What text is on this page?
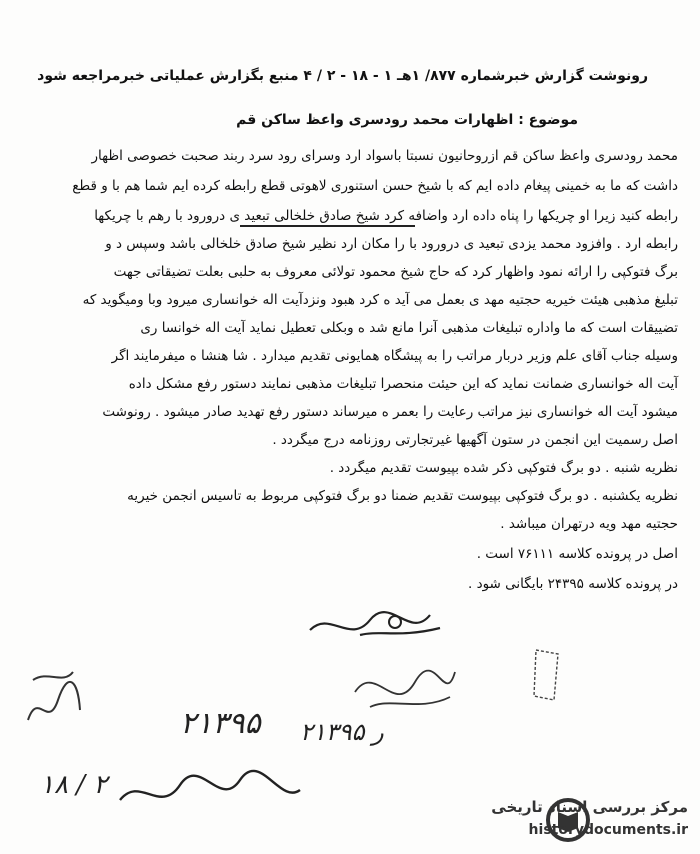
رونوشت گزارش خبرشماره ۸۷۷/ ۱هـ ۱ - ۱۸ - ۲ / ۴ منبع بگزارش عملیاتی خبرمراجعه شود
موضوع : اظهارات محمد رودسری واعظ ساکن قم
محمد رودسری واعظ ساکن قم ازروحانیون نسبتا باسواد ارد وسرای رود سرد ربند صحبت خصوصی اظهار
داشت که ما به خمینی پیغام داده ایم که با شیخ حسن استنوری لاهوتی قطع رابطه کرده ایم شما هم با و قطع
رابطه کنید زیرا او چریکها را پناه داده ارد واضافه کرد شیخ صادق خلخالی تبعید ی درورود با رهم با چریکها
رابطه ارد . وافزود محمد یزدی تبعید ی درورود با را مکان ارد نظیر شیخ صادق خلخالی باشد وسپس د و
برگ فتوکپی را ارائه نمود واظهار کرد که حاج شیخ محمود تولائی معروف به حلبی بعلت تضیقاتی جهت
تبلیغ مذهبی هیئت خیریه حجتیه مهد ی بعمل می آید ه کرد هبود ونزدآیت اله خوانساری میرود وبا ومیگوید که
تضییقات است که ما واداره تبلیغات مذهبی آنرا مانع شد ه وبکلی تعطیل نماید آیت اله خوانسا ری
وسیله جناب آقای علم وزیر دربار مراتب را به پیشگاه همایونی تقدیم میدارد . شا هنشا ه میفرمایند اگر
آیت اله خوانساری ضمانت نماید که این حیئت منحصرا تبلیغات مذهبی نمایند دستور رفع مشکل داده
میشود آیت اله خوانساری نیز مراتب رعایت را بعمر ه میرساند دستور رفع تهدید صادر میشود . رونوشت
اصل رسمیت این انجمن در ستون آگهیها غیرتجارتی روزنامه درج میگردد .
نظریه شنبه . دو برگ فتوکپی ذکر شده بپیوست تقدیم میگردد .
نظریه یکشنبه . دو برگ فتوکپی بپیوست تقدیم ضمنا دو برگ فتوکپی مربوط به تاسیس انجمن خیریه
حجتیه مهد ویه درتهران میباشد .
اصل در پرونده کلاسه ۷۶۱۱۱ است .
در پرونده کلاسه ۲۴۳۹۵ بایگانی شود .
۲۱۳۹۵ ر ۲۱۳۹۵
۱۸ / ۲
مرکز بررسی اسناد تاریخی
historydocuments.ir
